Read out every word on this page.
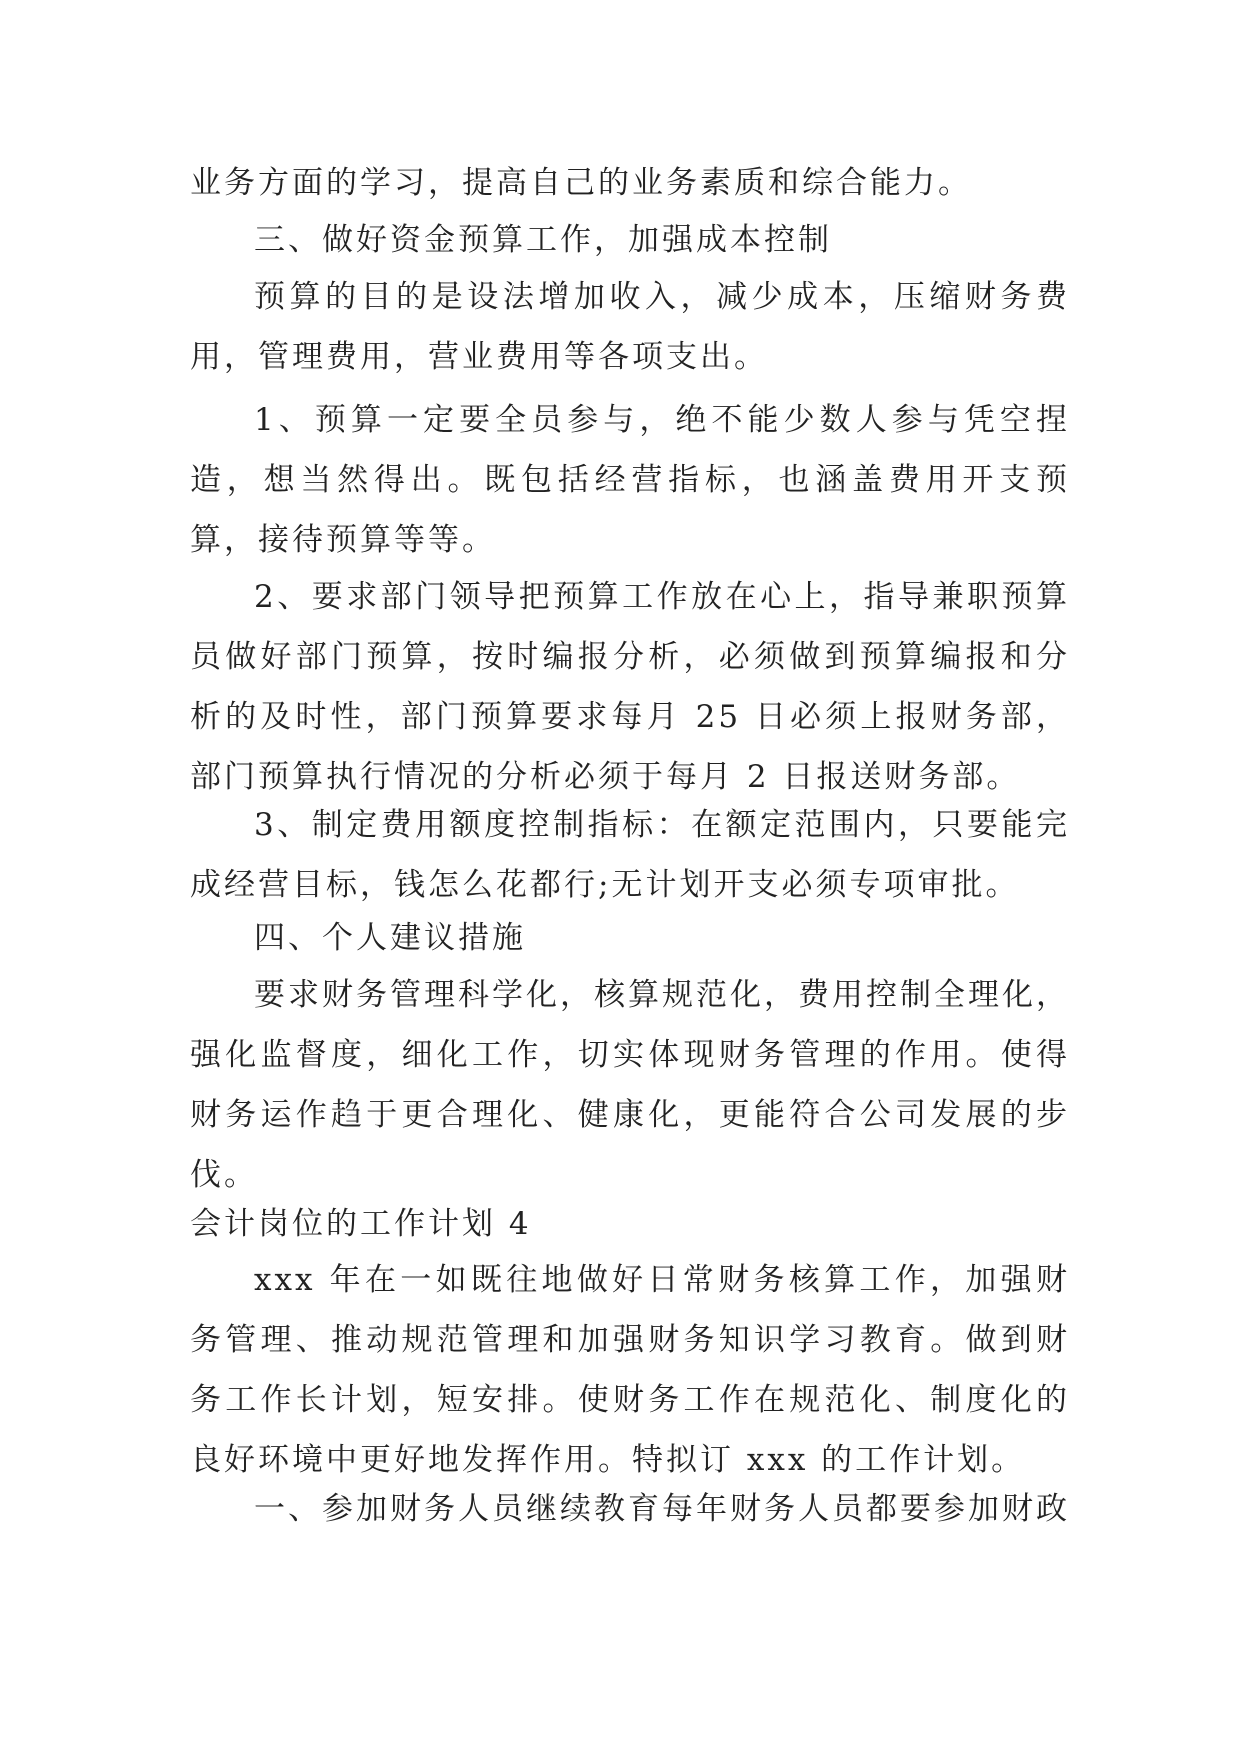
业务方面的学习，提高自己的业务素质和综合能力。

三、做好资金预算工作，加强成本控制

预算的目的是设法增加收入，减少成本，压缩财务费用，管理费用，营业费用等各项支出。

1、预算一定要全员参与，绝不能少数人参与凭空捏造，想当然得出。既包括经营指标，也涵盖费用开支预算，接待预算等等。

2、要求部门领导把预算工作放在心上，指导兼职预算员做好部门预算，按时编报分析，必须做到预算编报和分析的及时性，部门预算要求每月 25 日必须上报财务部，部门预算执行情况的分析必须于每月 2 日报送财务部。

3、制定费用额度控制指标：在额定范围内，只要能完成经营目标，钱怎么花都行;无计划开支必须专项审批。

四、个人建议措施

要求财务管理科学化，核算规范化，费用控制全理化，强化监督度，细化工作，切实体现财务管理的作用。使得财务运作趋于更合理化、健康化，更能符合公司发展的步伐。

会计岗位的工作计划 4

xxx 年在一如既往地做好日常财务核算工作，加强财务管理、推动规范管理和加强财务知识学习教育。做到财务工作长计划，短安排。使财务工作在规范化、制度化的良好环境中更好地发挥作用。特拟订 xxx 的工作计划。

一、参加财务人员继续教育每年财务人员都要参加财政
